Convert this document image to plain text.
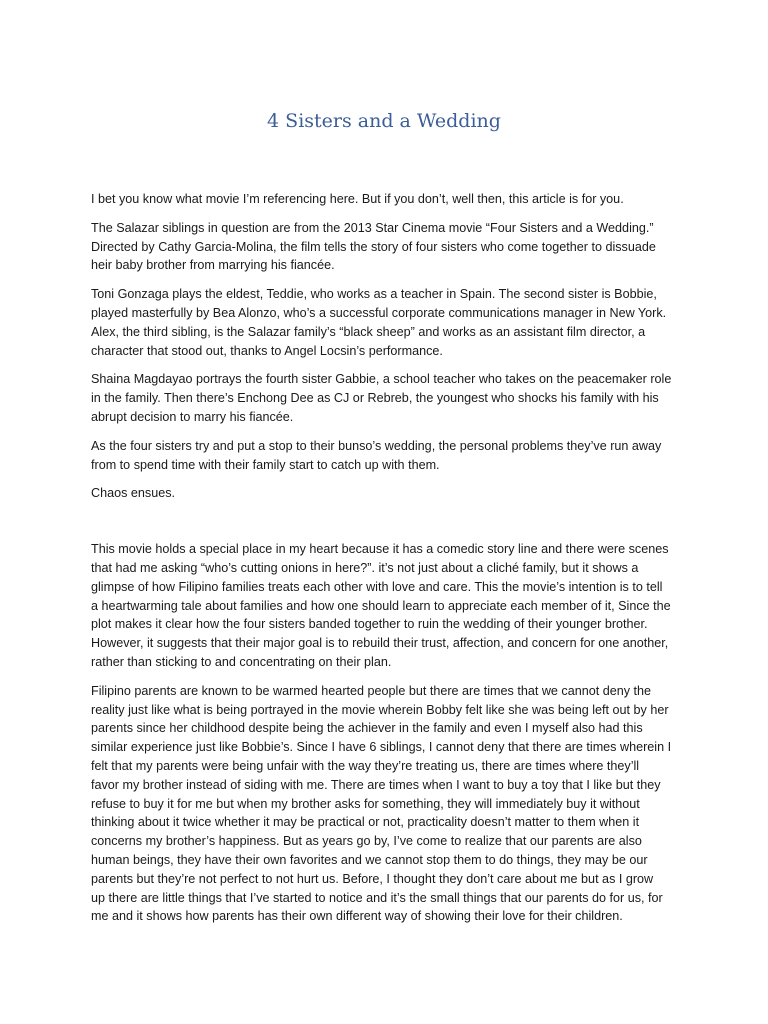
4 Sisters and a Wedding

I bet you know what movie I’m referencing here. But if you don’t, well then, this article is for you.

The Salazar siblings in question are from the 2013 Star Cinema movie “Four Sisters and a Wedding.”
Directed by Cathy Garcia-Molina, the film tells the story of four sisters who come together to dissuade
heir baby brother from marrying his fiancée.

Toni Gonzaga plays the eldest, Teddie, who works as a teacher in Spain. The second sister is Bobbie,
played masterfully by Bea Alonzo, who’s a successful corporate communications manager in New York.
Alex, the third sibling, is the Salazar family’s “black sheep” and works as an assistant film director, a
character that stood out, thanks to Angel Locsin’s performance.

Shaina Magdayao portrays the fourth sister Gabbie, a school teacher who takes on the peacemaker role
in the family. Then there’s Enchong Dee as CJ or Rebreb, the youngest who shocks his family with his
abrupt decision to marry his fiancée.

As the four sisters try and put a stop to their bunso’s wedding, the personal problems they’ve run away
from to spend time with their family start to catch up with them.

Chaos ensues.

This movie holds a special place in my heart because it has a comedic story line and there were scenes
that had me asking “who’s cutting onions in here?”. it’s not just about a cliché family, but it shows a
glimpse of how Filipino families treats each other with love and care. This the movie’s intention is to tell
a heartwarming tale about families and how one should learn to appreciate each member of it, Since the
plot makes it clear how the four sisters banded together to ruin the wedding of their younger brother.
However, it suggests that their major goal is to rebuild their trust, affection, and concern for one another,
rather than sticking to and concentrating on their plan.

Filipino parents are known to be warmed hearted people but there are times that we cannot deny the
reality just like what is being portrayed in the movie wherein Bobby felt like she was being left out by her
parents since her childhood despite being the achiever in the family and even I myself also had this
similar experience just like Bobbie’s. Since I have 6 siblings, I cannot deny that there are times wherein I
felt that my parents were being unfair with the way they’re treating us, there are times where they’ll
favor my brother instead of siding with me. There are times when I want to buy a toy that I like but they
refuse to buy it for me but when my brother asks for something, they will immediately buy it without
thinking about it twice whether it may be practical or not, practicality doesn’t matter to them when it
concerns my brother’s happiness. But as years go by, I’ve come to realize that our parents are also
human beings, they have their own favorites and we cannot stop them to do things, they may be our
parents but they’re not perfect to not hurt us. Before, I thought they don’t care about me but as I grow
up there are little things that I’ve started to notice and it’s the small things that our parents do for us, for
me and it shows how parents has their own different way of showing their love for their children.
